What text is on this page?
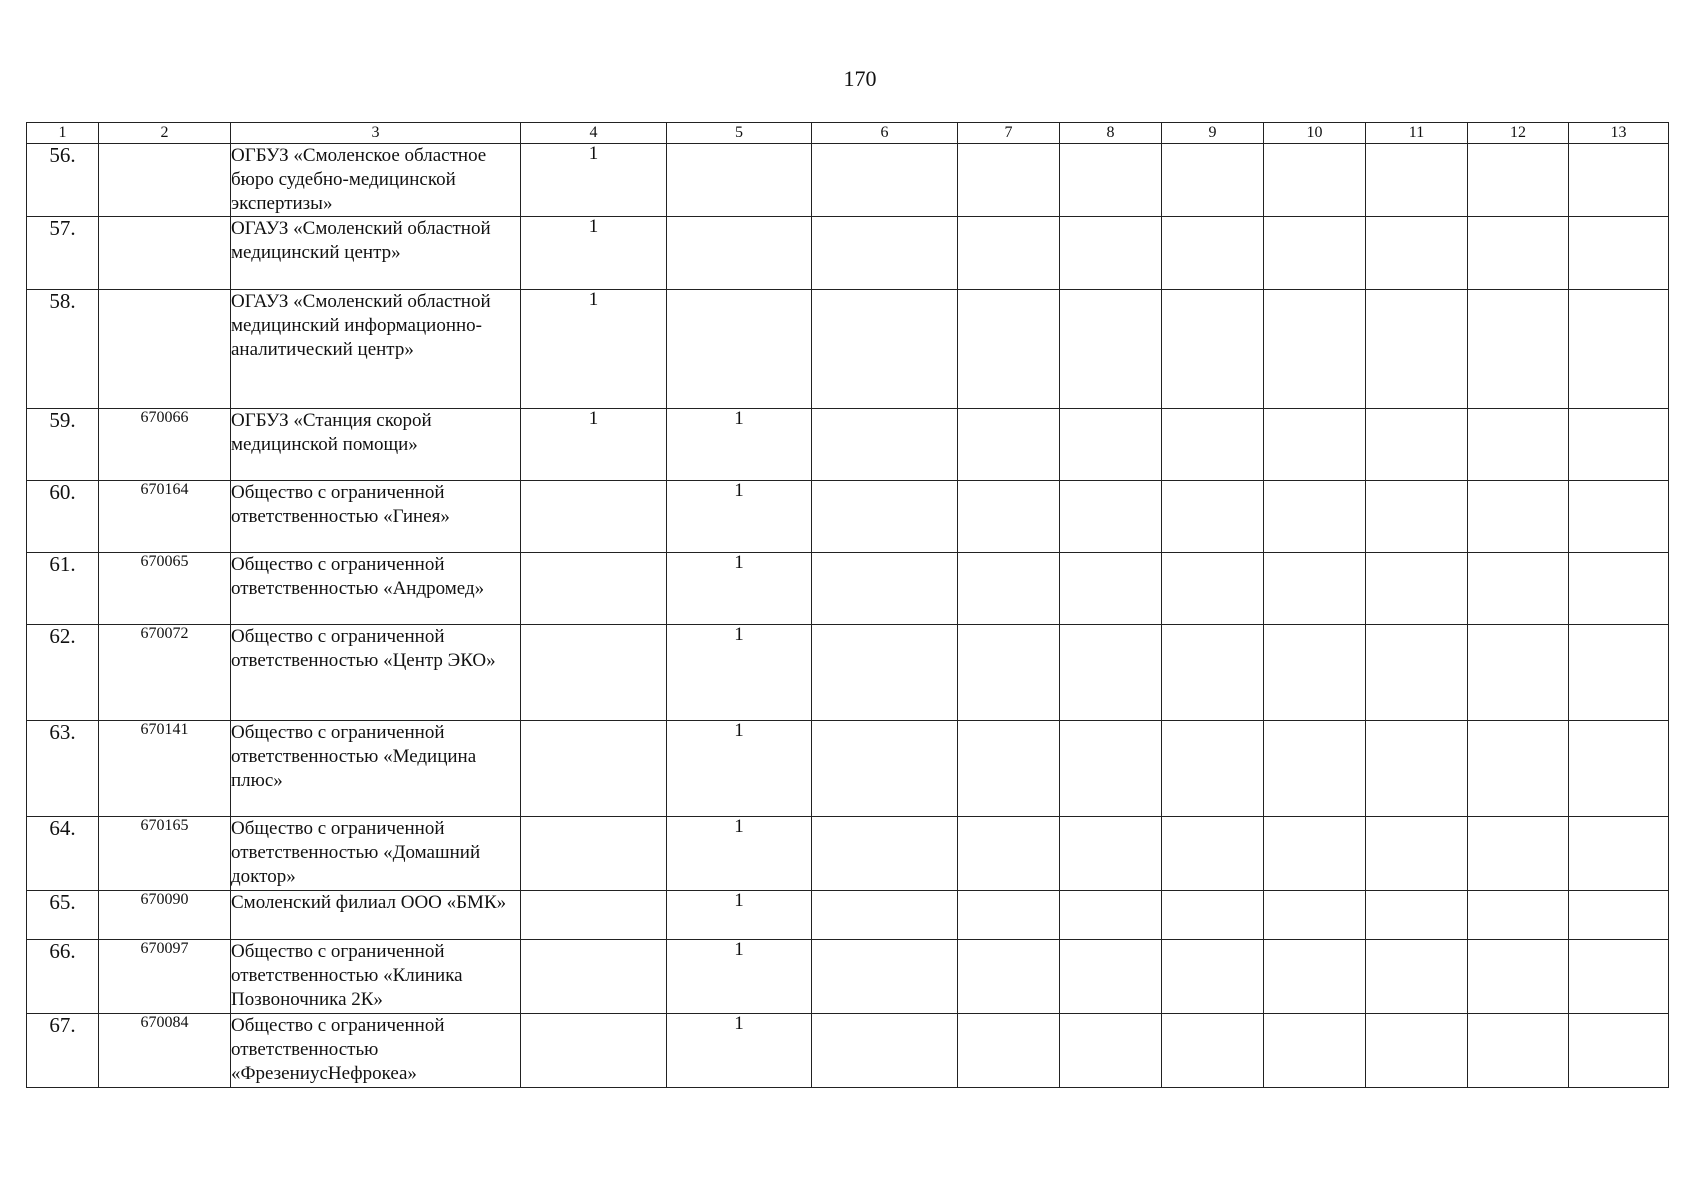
170
1	2	3	4	5	6	7	8	9	10	11	12	13
56.		ОГБУЗ «Смоленское областное бюро судебно-медицинской экспертизы»	1									
57.		ОГАУЗ «Смоленский областной медицинский центр»	1									
58.		ОГАУЗ «Смоленский областной медицинский информационно-аналитический центр»	1									
59.	670066	ОГБУЗ «Станция скорой медицинской помощи»	1	1								
60.	670164	Общество с ограниченной ответственностью «Гинея»		1								
61.	670065	Общество с ограниченной ответственностью «Андромед»		1								
62.	670072	Общество с ограниченной ответственностью «Центр ЭКО»		1								
63.	670141	Общество с ограниченной ответственностью «Медицина плюс»		1								
64.	670165	Общество с ограниченной ответственностью «Домашний доктор»		1								
65.	670090	Смоленский филиал ООО «БМК»		1								
66.	670097	Общество с ограниченной ответственностью «Клиника Позвоночника 2К»		1								
67.	670084	Общество с ограниченной ответственностью «ФрезениусНефрокеа»		1								
